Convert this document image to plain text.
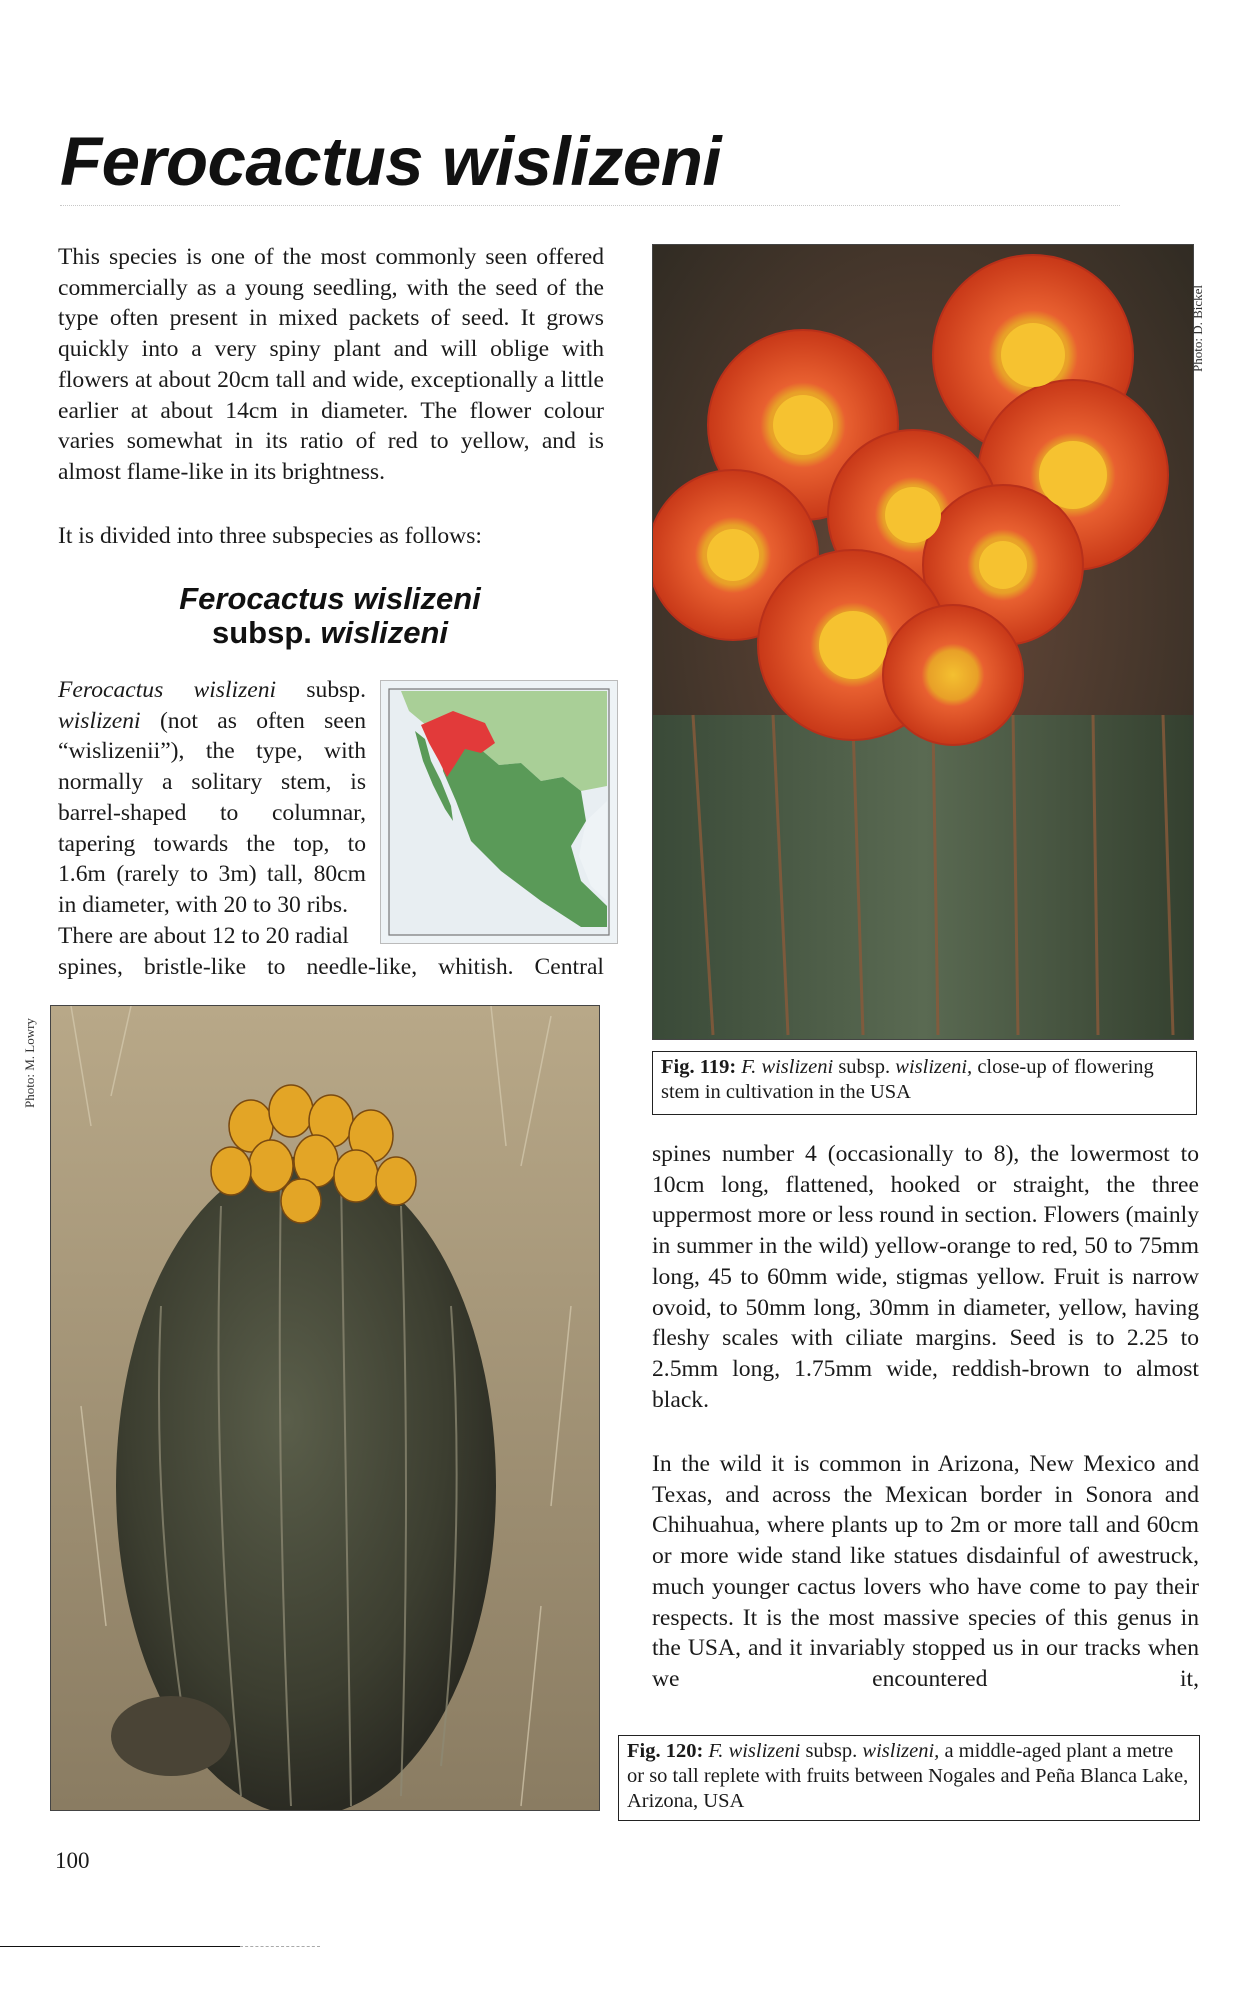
Ferocactus wislizeni

This species is one of the most commonly seen offered commercially as a young seedling, with the seed of the type often present in mixed packets of seed. It grows quickly into a very spiny plant and will oblige with flowers at about 20cm tall and wide, exceptionally a little earlier at about 14cm in diameter. The flower colour varies somewhat in its ratio of red to yellow, and is almost flame-like in its brightness.

It is divided into three subspecies as follows:

Ferocactus wislizeni
subsp. wislizeni
Ferocactus wislizeni subsp.
wislizeni (not as often seen
“wislizenii”), the type, with
normally a solitary stem, is
barrel-shaped to columnar,
tapering towards the top, to
1.6m (rarely to 3m) tall, 80cm
in diameter, with 20 to 30 ribs.
There are about 12 to 20 radial

spines, bristle-like to needle-like, whitish. Central

Photo: D. Bickel
Fig. 119: F. wislizeni subsp. wislizeni, close-up of flowering stem in cultivation in the USA
Photo: M. Lowry

spines number 4 (occasionally to 8), the lowermost to 10cm long, flattened, hooked or straight, the three uppermost more or less round in section. Flowers (mainly in summer in the wild) yellow-orange to red, 50 to 75mm long, 45 to 60mm wide, stigmas yellow. Fruit is narrow ovoid, to 50mm long, 30mm in diameter, yellow, having fleshy scales with ciliate margins. Seed is to 2.25 to 2.5mm long, 1.75mm wide, reddish-brown to almost black.

In the wild it is common in Arizona, New Mexico and Texas, and across the Mexican border in Sonora and Chihuahua, where plants up to 2m or more tall and 60cm or more wide stand like statues disdainful of awestruck, much younger cactus lovers who have come to pay their respects. It is the most massive species of this genus in the USA, and it invariably stopped us in our tracks when we encountered it,

Fig. 120: F. wislizeni subsp. wislizeni, a middle-aged plant a metre or so tall replete with fruits between Nogales and Peña Blanca Lake, Arizona, USA
100
